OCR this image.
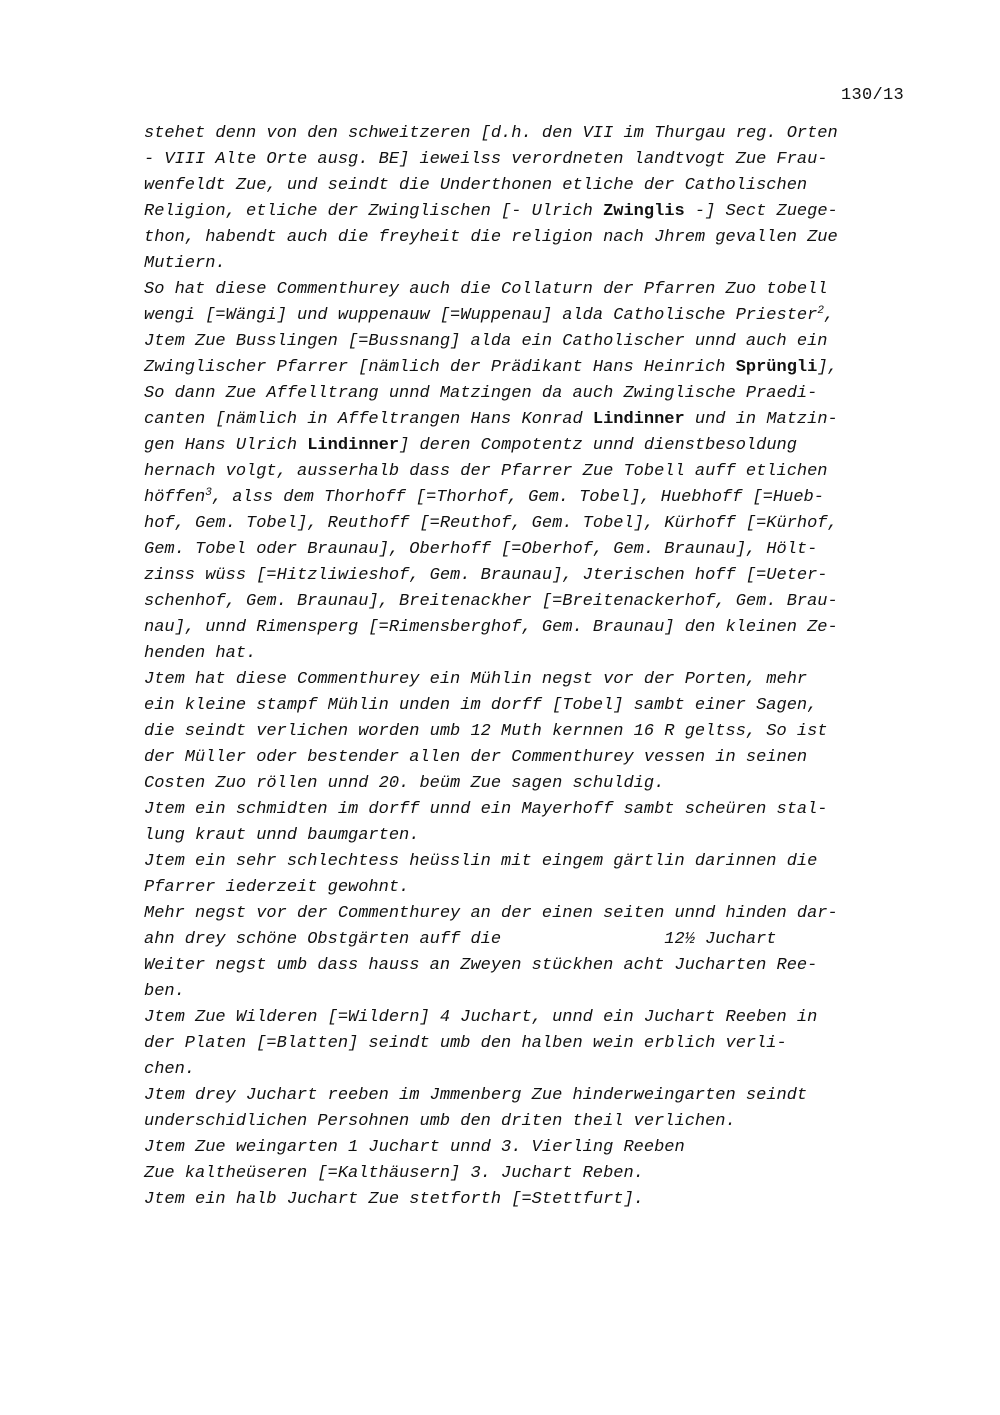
130/13
stehet denn von den schweitzeren [d.h. den VII im Thurgau reg. Orten
- VIII Alte Orte ausg. BE] ieweilss verordneten landtvogt Zue Frau-
wenfeldt Zue, und seindt die Underthonen etliche der Catholischen
Religion, etliche der Zwinglischen [- Ulrich Zwinglis -] Sect Zuege-
thon, habendt auch die freyheit die religion nach Jhrem gevallen Zue
Mutiern.
So hat diese Commenthurey auch die Collaturn der Pfarren Zuo tobell
wengi [=Wängi] und wuppenauw [=Wuppenau] alda Catholische Priester$^2$,
Jtem Zue Busslingen [=Bussnang] alda ein Catholischer unnd auch ein
Zwinglischer Pfarrer [nämlich der Prädikant Hans Heinrich Sprüngli],
So dann Zue Affelltrang unnd Matzingen da auch Zwinglische Praedi-
canten [nämlich in Affeltrangen Hans Konrad Lindinner und in Matzin-
gen Hans Ulrich Lindinner] deren Compotentz unnd dienstbesoldung
hernach volgt, ausserhalb dass der Pfarrer Zue Tobell auff etlichen
höffen$^3$, alss dem Thorhoff [=Thorhof, Gem. Tobel], Huebhoff [=Hueb-
hof, Gem. Tobel], Reuthoff [=Reuthof, Gem. Tobel], Kürhoff [=Kürhof,
Gem. Tobel oder Braunau], Oberhoff [=Oberhof, Gem. Braunau], Hölt-
zinss wüss [=Hitzliwieshof, Gem. Braunau], Jterischen hoff [=Ueter-
schenhof, Gem. Braunau], Breitenackher [=Breitenackerhof, Gem. Brau-
nau], unnd Rimensperg [=Rimensberghof, Gem. Braunau] den kleinen Ze-
henden hat.
Jtem hat diese Commenthurey ein Mühlin negst vor der Porten, mehr
ein kleine stampf Mühlin unden im dorff [Tobel] sambt einer Sagen,
die seindt verlichen worden umb 12 Muth kernnen 16 R geltss, So ist
der Müller oder bestender allen der Commenthurey vessen in seinen
Costen Zuo röllen unnd 20. beüm Zue sagen schuldig.
Jtem ein schmidten im dorff unnd ein Mayerhoff sambt scheüren stal-
lung kraut unnd baumgarten.
Jtem ein sehr schlechtess heüsslin mit eingem gärtlin darinnen die
Pfarrer iederzeit gewohnt.
Mehr negst vor der Commenthurey an der einen seiten unnd hinden dar-
ahn drey schöne Obstgärten auff die                12½ Juchart
Weiter negst umb dass hauss an Zweyen stückhen acht Jucharten Ree-
ben.
Jtem Zue Wilderen [=Wildern] 4 Juchart, unnd ein Juchart Reeben in
der Platen [=Blatten] seindt umb den halben wein erblich verli-
chen.
Jtem drey Juchart reeben im Jmmenberg Zue hinderweingarten seindt
underschidlichen Persohnen umb den driten theil verlichen.
Jtem Zue weingarten 1 Juchart unnd 3. Vierling Reeben
Zue kaltheüseren [=Kalthäusern] 3. Juchart Reben.
Jtem ein halb Juchart Zue stetforth [=Stettfurt].
